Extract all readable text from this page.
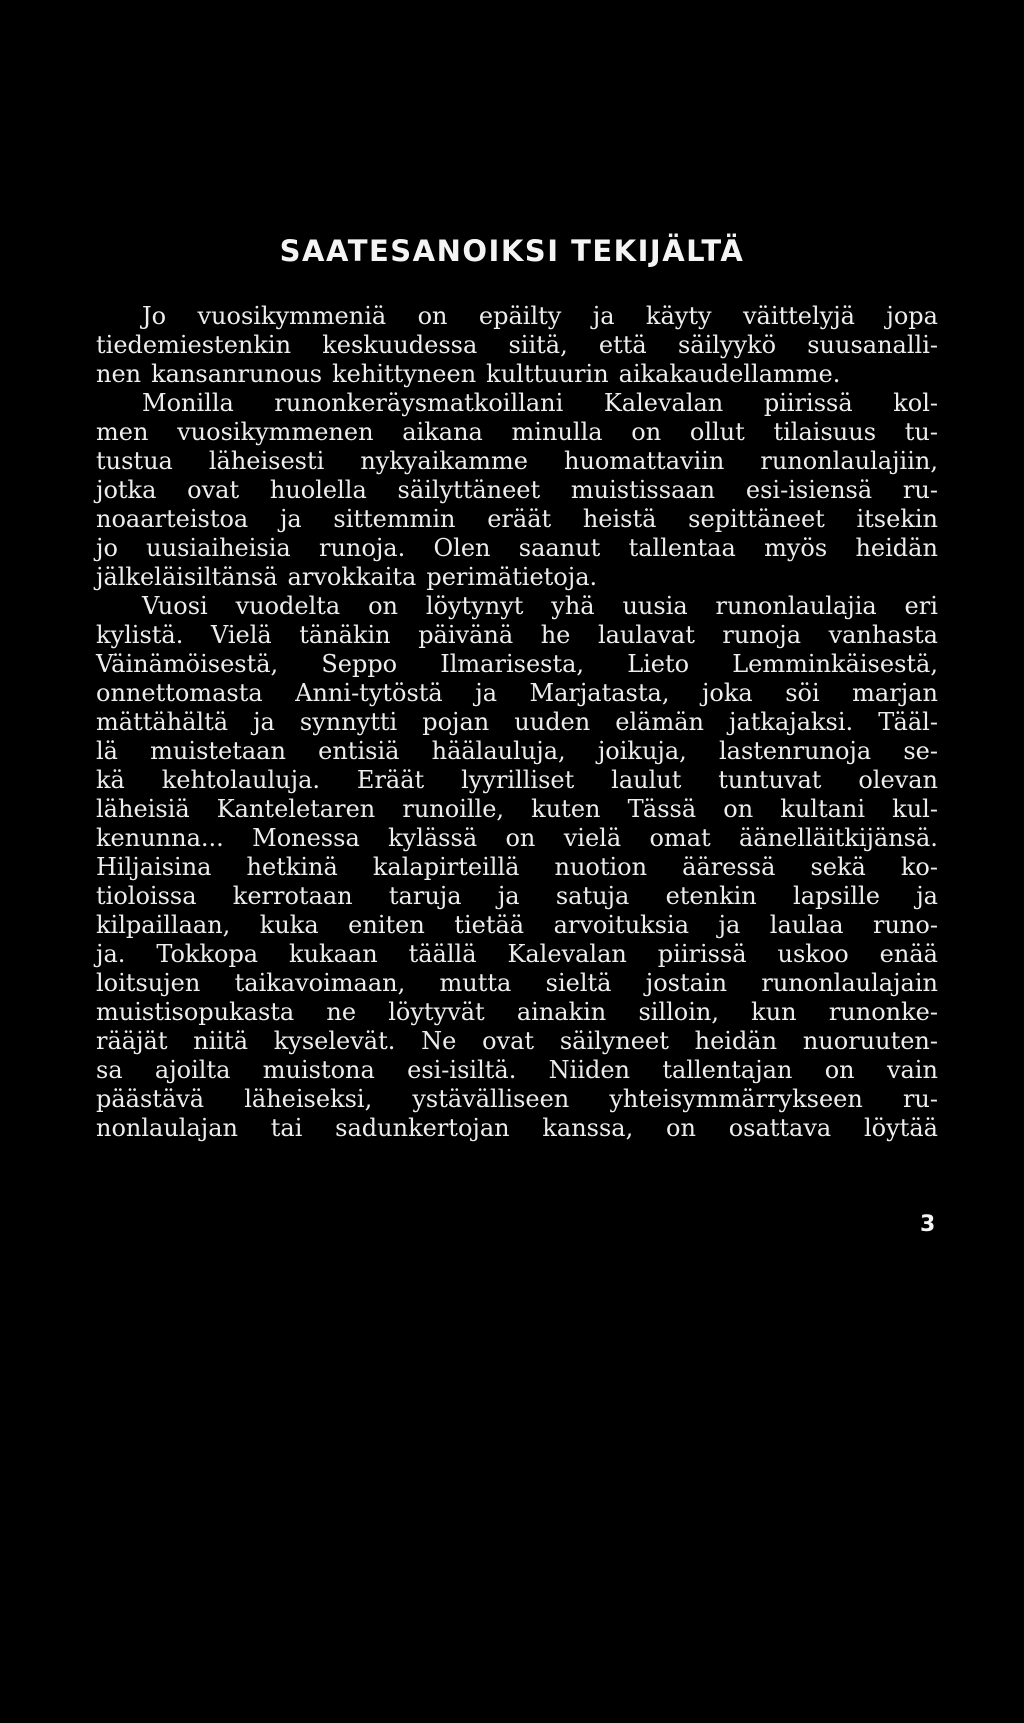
SAATESANOIKSI TEKIJÄLTÄ
Jo vuosikymmeniä on epäilty ja käyty väittelyjä jopa
tiedemiestenkin keskuudessa siitä, että säilyykö suusanalli-
nen kansanrunous kehittyneen kulttuurin aikakaudellamme.
Monilla runonkeräysmatkoillani Kalevalan piirissä kol-
men vuosikymmenen aikana minulla on ollut tilaisuus tu-
tustua läheisesti nykyaikamme huomattaviin runonlaulajiin,
jotka ovat huolella säilyttäneet muistissaan esi-isiensä ru-
noaarteistoa ja sittemmin eräät heistä sepittäneet itsekin
jo uusiaiheisia runoja. Olen saanut tallentaa myös heidän
jälkeläisiltänsä arvokkaita perimätietoja.
Vuosi vuodelta on löytynyt yhä uusia runonlaulajia eri
kylistä. Vielä tänäkin päivänä he laulavat runoja vanhasta
Väinämöisestä, Seppo Ilmarisesta, Lieto Lemminkäisestä,
onnettomasta Anni-tytöstä ja Marjatasta, joka söi marjan
mättähältä ja synnytti pojan uuden elämän jatkajaksi. Tääl-
lä muistetaan entisiä häälauluja, joikuja, lastenrunoja se-
kä kehtolauluja. Eräät lyyrilliset laulut tuntuvat olevan
läheisiä Kanteletaren runoille, kuten Tässä on kultani kul-
kenunna... Monessa kylässä on vielä omat äänelläitkijänsä.
Hiljaisina hetkinä kalapirteillä nuotion ääressä sekä ko-
tioloissa kerrotaan taruja ja satuja etenkin lapsille ja
kilpaillaan, kuka eniten tietää arvoituksia ja laulaa runo-
ja. Tokkopa kukaan täällä Kalevalan piirissä uskoo enää
loitsujen taikavoimaan, mutta sieltä jostain runonlaulajain
muistisopukasta ne löytyvät ainakin silloin, kun runonke-
rääjät niitä kyselevät. Ne ovat säilyneet heidän nuoruuten-
sa ajoilta muistona esi-isiltä. Niiden tallentajan on vain
päästävä läheiseksi, ystävälliseen yhteisymmärrykseen ru-
nonlaulajan tai sadunkertojan kanssa, on osattava löytää
3
